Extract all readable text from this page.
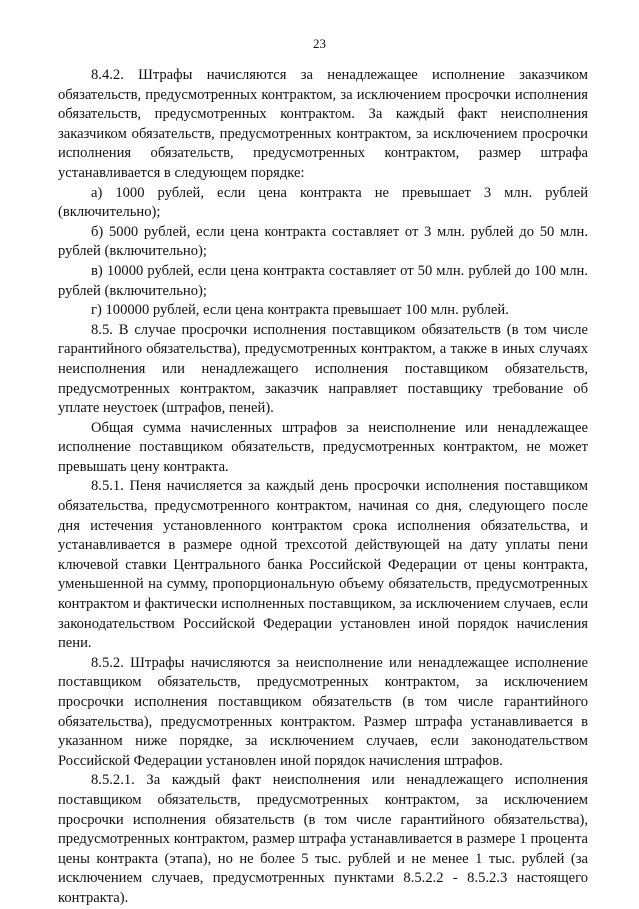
23

8.4.2. Штрафы начисляются за ненадлежащее исполнение заказчиком обязательств, предусмотренных контрактом, за исключением просрочки исполнения обязательств, предусмотренных контрактом. За каждый факт неисполнения заказчиком обязательств, предусмотренных контрактом, за исключением просрочки исполнения обязательств, предусмотренных контрактом, размер штрафа устанавливается в следующем порядке:

а) 1000 рублей, если цена контракта не превышает 3 млн. рублей (включительно);

б) 5000 рублей, если цена контракта составляет от 3 млн. рублей до 50 млн. рублей (включительно);

в) 10000 рублей, если цена контракта составляет от 50 млн. рублей до 100 млн. рублей (включительно);

г) 100000 рублей, если цена контракта превышает 100 млн. рублей.

8.5. В случае просрочки исполнения поставщиком обязательств (в том числе гарантийного обязательства), предусмотренных контрактом, а также в иных случаях неисполнения или ненадлежащего исполнения поставщиком обязательств, предусмотренных контрактом, заказчик направляет поставщику требование об уплате неустоек (штрафов, пеней).

Общая сумма начисленных штрафов за неисполнение или ненадлежащее исполнение поставщиком обязательств, предусмотренных контрактом, не может превышать цену контракта.

8.5.1. Пеня начисляется за каждый день просрочки исполнения поставщиком обязательства, предусмотренного контрактом, начиная со дня, следующего после дня истечения установленного контрактом срока исполнения обязательства, и устанавливается в размере одной трехсотой действующей на дату уплаты пени ключевой ставки Центрального банка Российской Федерации от цены контракта, уменьшенной на сумму, пропорциональную объему обязательств, предусмотренных контрактом и фактически исполненных поставщиком, за исключением случаев, если законодательством Российской Федерации установлен иной порядок начисления пени.

8.5.2. Штрафы начисляются за неисполнение или ненадлежащее исполнение поставщиком обязательств, предусмотренных контрактом, за исключением просрочки исполнения поставщиком обязательств (в том числе гарантийного обязательства), предусмотренных контрактом. Размер штрафа устанавливается в указанном ниже порядке, за исключением случаев, если законодательством Российской Федерации установлен иной порядок начисления штрафов.

8.5.2.1. За каждый факт неисполнения или ненадлежащего исполнения поставщиком обязательств, предусмотренных контрактом, за исключением просрочки исполнения обязательств (в том числе гарантийного обязательства), предусмотренных контрактом, размер штрафа устанавливается в размере 1 процента цены контракта (этапа), но не более 5 тыс. рублей и не менее 1 тыс. рублей (за исключением случаев, предусмотренных пунктами 8.5.2.2 - 8.5.2.3 настоящего контракта).
